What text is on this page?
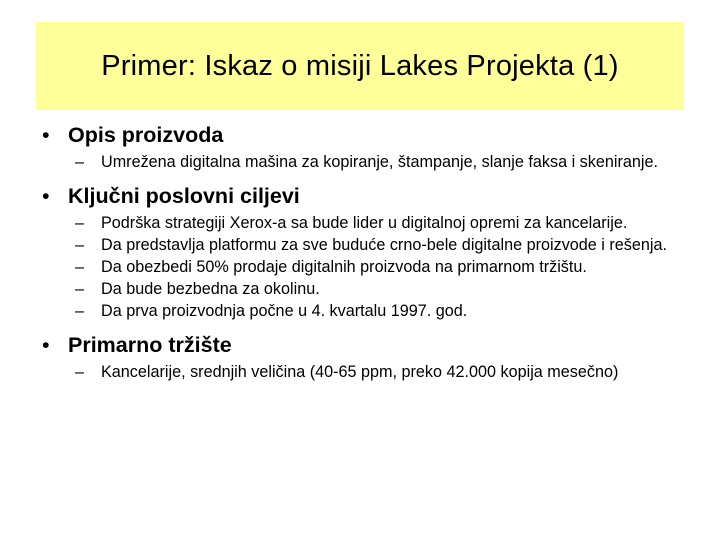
Primer: Iskaz o misiji Lakes Projekta (1)
• Opis proizvoda
– Umrežena digitalna mašina za kopiranje, štampanje, slanje faksa i skeniranje.
• Ključni poslovni ciljevi
– Podrška strategiji Xerox-a sa bude lider u digitalnoj opremi za kancelarije.
– Da predstavlja platformu za sve buduće crno-bele digitalne proizvode i rešenja.
– Da obezbedi 50% prodaje digitalnih proizvoda na primarnom tržištu.
– Da bude bezbedna za okolinu.
– Da prva proizvodnja počne u 4. kvartalu 1997. god.
• Primarno tržište
– Kancelarije, srednjih veličina (40-65 ppm, preko 42.000 kopija mesečno)
